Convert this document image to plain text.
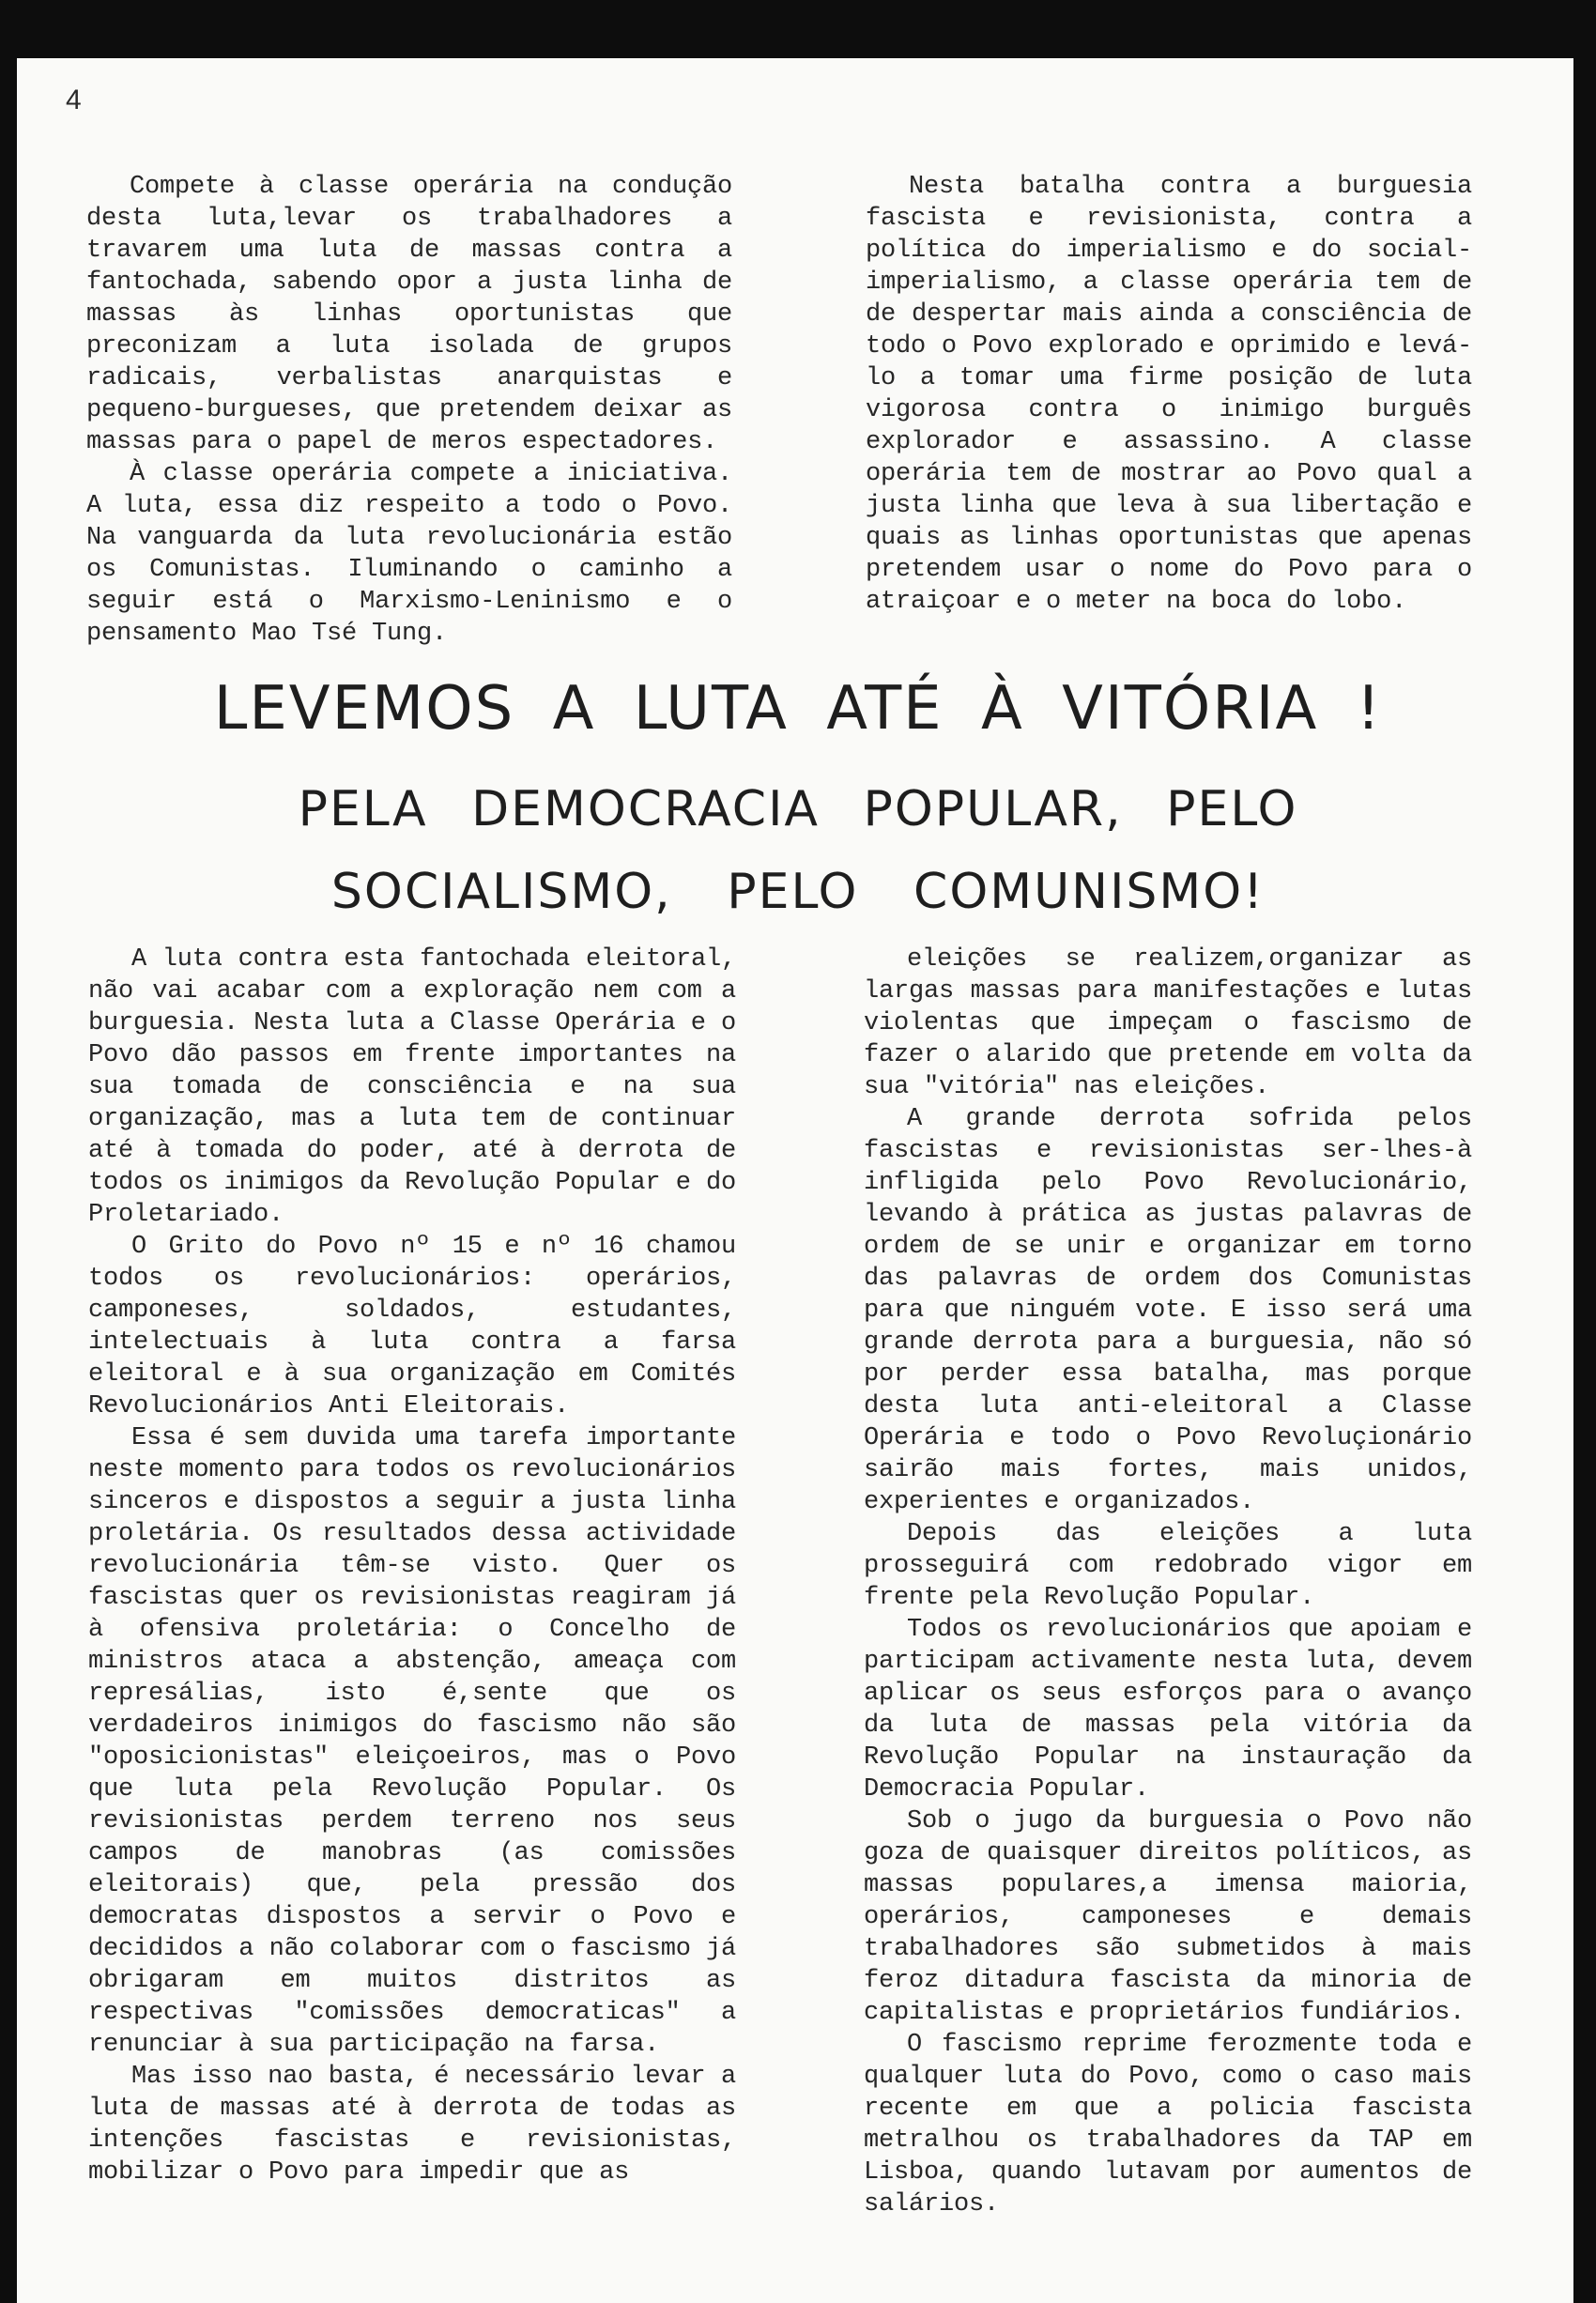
4

Compete à classe operária na condução desta luta,levar os trabalhadores a travarem uma luta de massas contra a fantochada, sabendo opor a justa linha de massas às linhas oportunistas que preconizam a luta isolada de grupos radicais, verbalistas anarquistas e pequeno-burgueses, que pretendem deixar as massas para o papel de meros espectadores.

À classe operária compete a iniciativa. A luta, essa diz respeito a todo o Povo. Na vanguarda da luta revolucionária estão os Comunistas. Iluminando o caminho a seguir está o Marxismo-Leninismo e o pensamento Mao Tsé Tung.

Nesta batalha contra a burguesia fascista e revisionista, contra a política do imperialismo e do social-imperialismo, a classe operária tem de de despertar mais ainda a consciência de todo o Povo explorado e oprimido e levá-lo a tomar uma firme posição de luta vigorosa contra o inimigo burguês explorador e assassino. A classe operária tem de mostrar ao Povo qual a justa linha que leva à sua libertação e quais as linhas oportunistas que apenas pretendem usar o nome do Povo para o atraiçoar e o meter na boca do lobo.

LEVEMOS A LUTA ATÉ À VITÓRIA !
PELA DEMOCRACIA POPULAR, PELO
SOCIALISMO, PELO COMUNISMO!

A luta contra esta fantochada eleitoral, não vai acabar com a exploração nem com a burguesia. Nesta luta a Classe Operária e o Povo dão passos em frente importantes na sua tomada de consciência e na sua organização, mas a luta tem de continuar até à tomada do poder, até à derrota de todos os inimigos da Revolução Popular e do Proletariado.

O Grito do Povo nº 15 e nº 16 chamou todos os revolucionários: operários, camponeses, soldados, estudantes, intelectuais à luta contra a farsa eleitoral e à sua organização em Comités Revolucionários Anti Eleitorais.

Essa é sem duvida uma tarefa importante neste momento para todos os revolucionários sinceros e dispostos a seguir a justa linha proletária. Os resultados dessa actividade revolucionária têm-se visto. Quer os fascistas quer os revisionistas reagiram já à ofensiva proletária: o Concelho de ministros ataca a abstenção, ameaça com represálias, isto é,sente que os verdadeiros inimigos do fascismo não são "oposicionistas" eleiçoeiros, mas o Povo que luta pela Revolução Popular. Os revisionistas perdem terreno nos seus campos de manobras (as comissões eleitorais) que, pela pressão dos democratas dispostos a servir o Povo e decididos a não colaborar com o fascismo já obrigaram em muitos distritos as respectivas "comissões democraticas" a renunciar à sua participação na farsa.

Mas isso nao basta, é necessário levar a luta de massas até à derrota de todas as intenções fascistas e revisionistas, mobilizar o Povo para impedir que as

eleições se realizem,organizar as largas massas para manifestações e lutas violentas que impeçam o fascismo de fazer o alarido que pretende em volta da sua "vitória" nas eleições.

A grande derrota sofrida pelos fascistas e revisionistas ser-lhes-à infligida pelo Povo Revolucionário, levando à prática as justas palavras de ordem de se unir e organizar em torno das palavras de ordem dos Comunistas para que ninguém vote. E isso será uma grande derrota para a burguesia, não só por perder essa batalha, mas porque desta luta anti-eleitoral a Classe Operária e todo o Povo Revoluçionário sairão mais fortes, mais unidos, experientes e organizados.

Depois das eleições a luta prosseguirá com redobrado vigor em frente pela Revolução Popular.

Todos os revolucionários que apoiam e participam activamente nesta luta, devem aplicar os seus esforços para o avanço da luta de massas pela vitória da Revolução Popular na instauração da Democracia Popular.

Sob o jugo da burguesia o Povo não goza de quaisquer direitos políticos, as massas populares,a imensa maioria, operários, camponeses e demais trabalhadores são submetidos à mais feroz ditadura fascista da minoria de capitalistas e proprietários fundiários.

O fascismo reprime ferozmente toda e qualquer luta do Povo, como o caso mais recente em que a policia fascista metralhou os trabalhadores da TAP em Lisboa, quando lutavam por aumentos de salários.
